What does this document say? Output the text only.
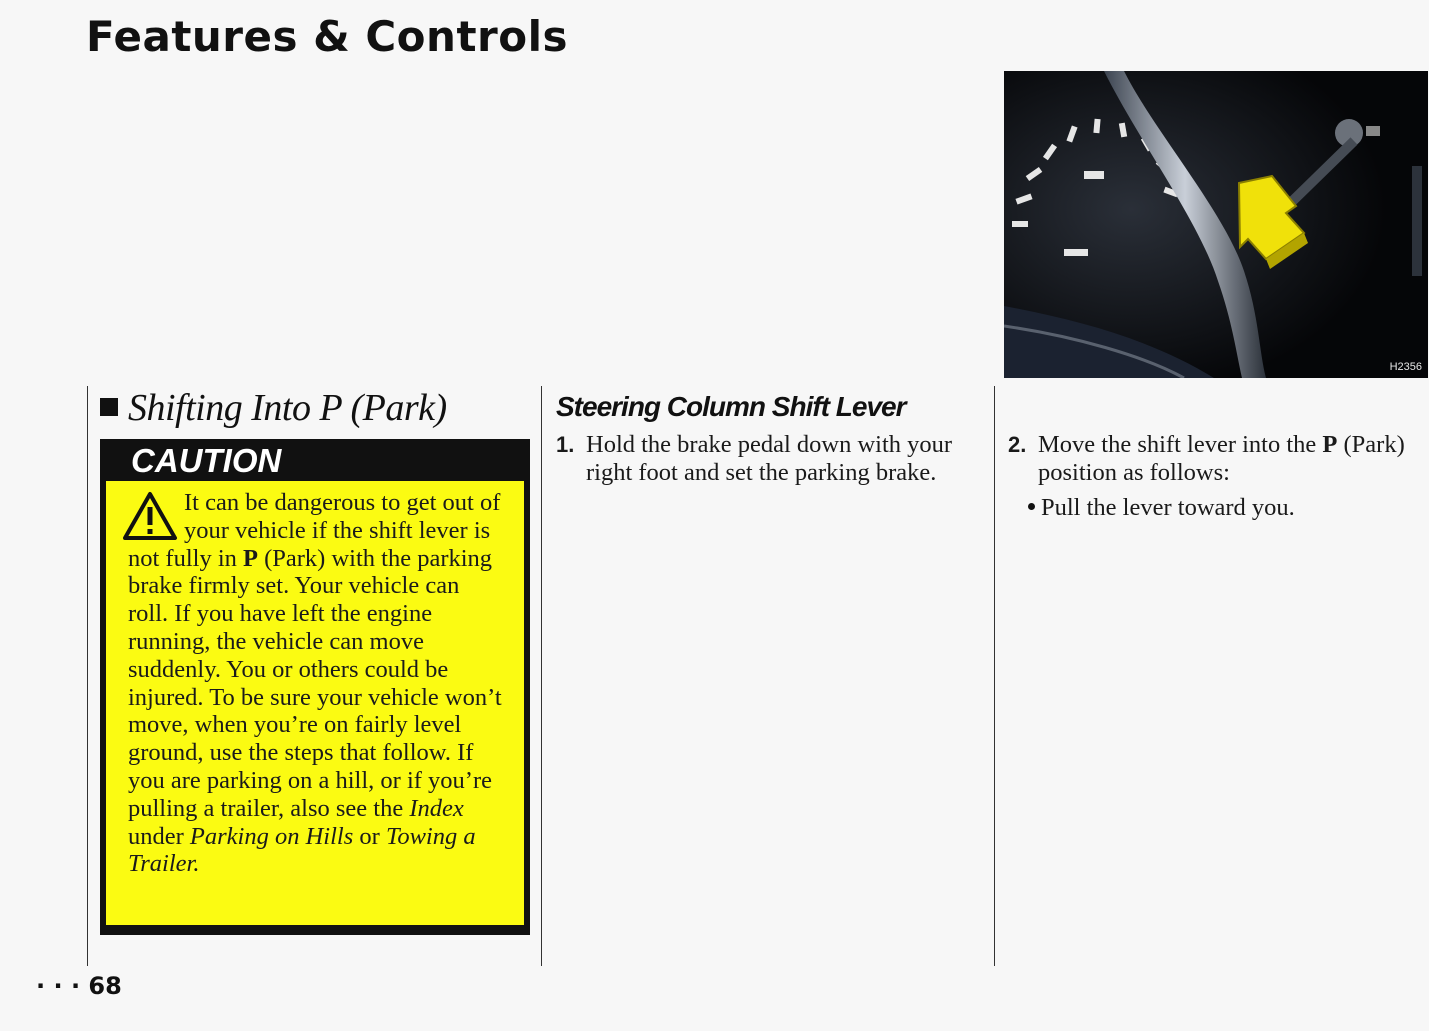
Features & Controls
H2356
Shifting Into P (Park)
CAUTION
It can be dangerous to get out of your vehicle if the shift lever is not fully in P (Park) with the parking brake firmly set. Your vehicle can roll. If you have left the engine running, the vehicle can move suddenly. You or others could be injured. To be sure your vehicle won’t move, when you’re on fairly level ground, use the steps that follow. If you are parking on a hill, or if you’re pulling a trailer, also see the Index under Parking on Hills or Towing a Trailer.
Steering Column Shift Lever
1. Hold the brake pedal down with your right foot and set the parking brake.
2. Move the shift lever into the P (Park) position as follows:
Pull the lever toward you.
· · · 68
